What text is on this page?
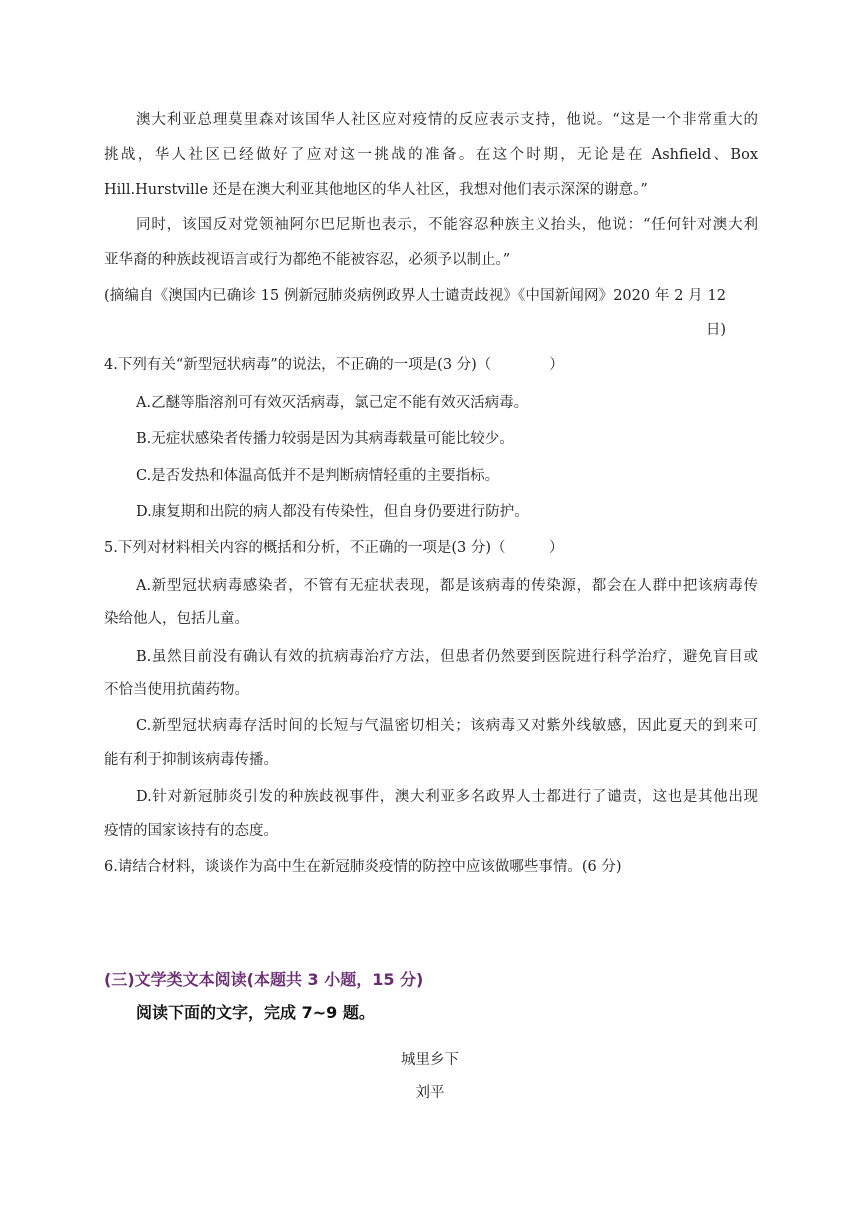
澳大利亚总理莫里森对该国华人社区应对疫情的反应表示支持，他说。“这是一个非常重大的
挑战，华人社区已经做好了应对这一挑战的准备。在这个时期，无论是在 Ashfield、Box
Hill.Hurstville 还是在澳大利亚其他地区的华人社区，我想对他们表示深深的谢意。”
同时，该国反对党领袖阿尔巴尼斯也表示，不能容忍种族主义抬头，他说：“任何针对澳大利
亚华裔的种族歧视语言或行为都绝不能被容忍，必须予以制止。”
(摘编自《澳国内已确诊 15 例新冠肺炎病例政界人士谴责歧视》《中国新闻网》2020 年 2 月 12
日)
4.下列有关“新型冠状病毒”的说法，不正确的一项是(3 分)（　　　　）
A.乙醚等脂溶剂可有效灭活病毒，氯己定不能有效灭活病毒。
B.无症状感染者传播力较弱是因为其病毒载量可能比较少。
C.是否发热和体温高低并不是判断病情轻重的主要指标。
D.康复期和出院的病人都没有传染性，但自身仍要进行防护。
5.下列对材料相关内容的概括和分析，不正确的一项是(3 分)（　　　）
A.新型冠状病毒感染者，不管有无症状表现，都是该病毒的传染源，都会在人群中把该病毒传
染给他人，包括儿童。
B.虽然目前没有确认有效的抗病毒治疗方法，但患者仍然要到医院进行科学治疗，避免盲目或
不恰当使用抗菌药物。
C.新型冠状病毒存活时间的长短与气温密切相关；该病毒又对紫外线敏感，因此夏天的到来可
能有利于抑制该病毒传播。
D.针对新冠肺炎引发的种族歧视事件，澳大利亚多名政界人士都进行了谴责，这也是其他出现
疫情的国家该持有的态度。
6.请结合材料，谈谈作为高中生在新冠肺炎疫情的防控中应该做哪些事情。(6 分)
(三)文学类文本阅读(本题共 3 小题，15 分)
阅读下面的文字，完成 7~9 题。
城里乡下
刘平
